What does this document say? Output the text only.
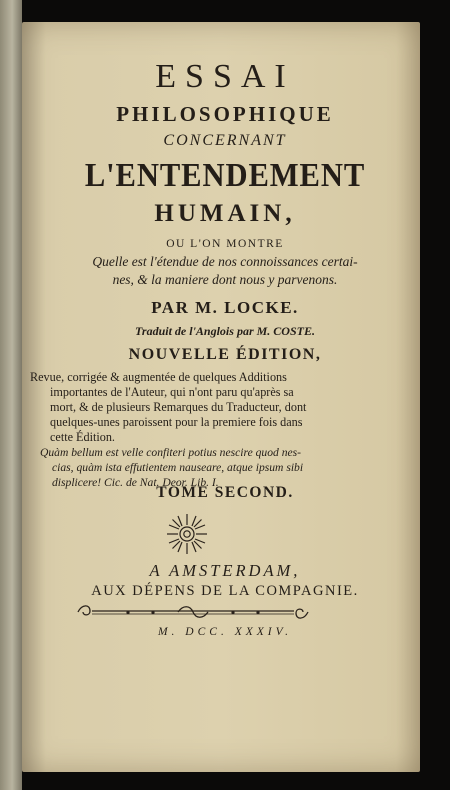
ESSAI
PHILOSOPHIQUE
CONCERNANT
L'ENTENDEMENT
HUMAIN,
OU L'ON MONTRE
Quelle est l'étendue de nos connoissances certai-
nes, & la maniere dont nous y parvenons.
PAR M. LOCKE.
Traduit de l'Anglois par M. COSTE.
NOUVELLE ÉDITION,
Revue, corrigée & augmentée de quelques Additions
importantes de l'Auteur, qui n'ont paru qu'après sa
mort, & de plusieurs Remarques du Traducteur, dont
quelques-unes paroissent pour la premiere fois dans
cette Édition.
Quàm bellum est velle confiteri potius nescire quod nes-
cias, quàm ista effutientem nauseare, atque ipsum sibi
displicere! Cic. de Nat. Deor. Lib. I.
TOME SECOND.
A AMSTERDAM,
AUX DÉPENS DE LA COMPAGNIE.
M. DCC. XXXIV.
